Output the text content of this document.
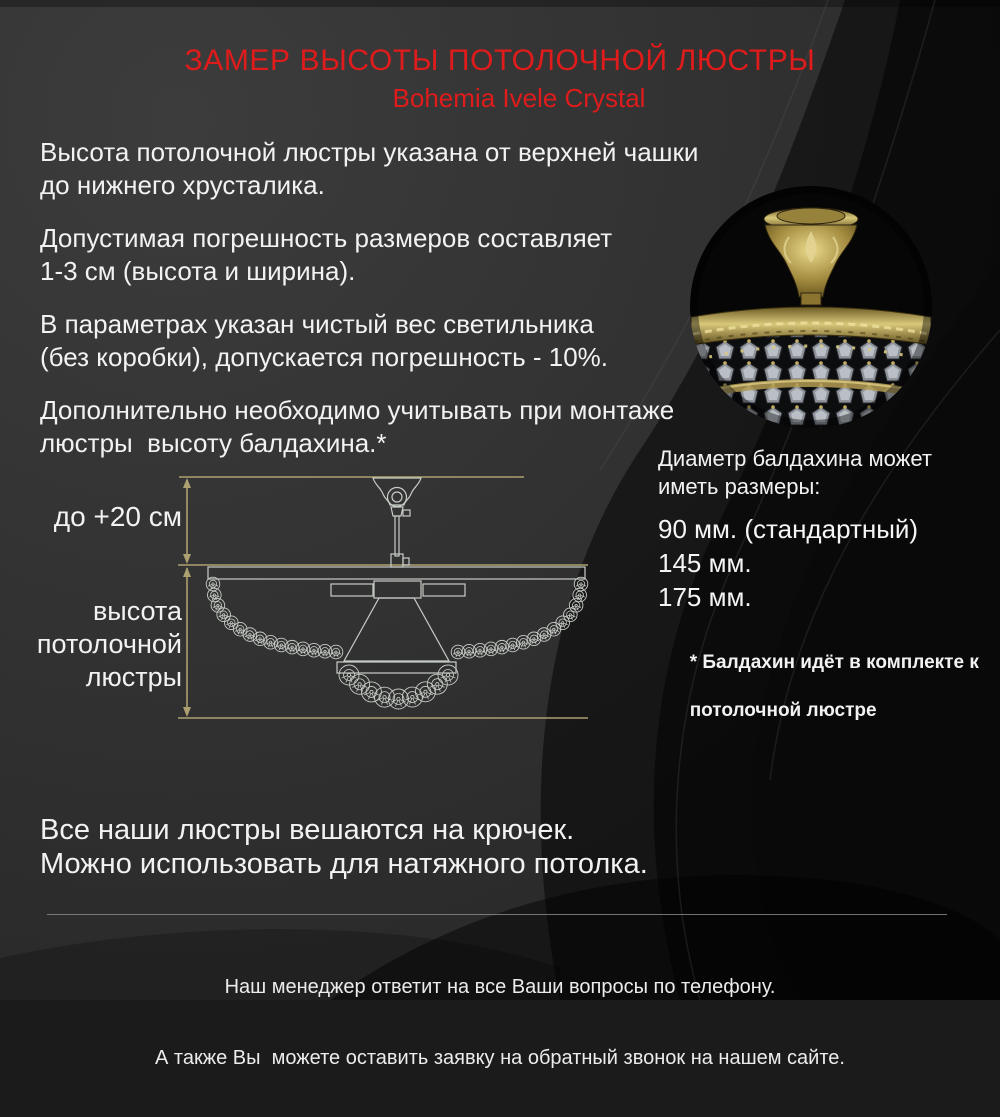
ЗАМЕР ВЫСОТЫ ПОТОЛОЧНОЙ ЛЮСТРЫ
Bohemia Ivele Crystal

Высота потолочной люстры указана от верхней чашки
до нижнего хрусталика.

Допустимая погрешность размеров составляет
1-3 см (высота и ширина).

В параметрах указан чистый вес светильника
(без коробки), допускается погрешность - 10%.

Дополнительно необходимо учитывать при монтаже
люстры  высоту балдахина.*

до +20 см
высота
потолочной
люстры
Диаметр балдахина может
иметь размеры:
90 мм. (стандартный)
145 мм.
175 мм.

* Балдахин идёт в комплекте к

потолочной люстре

Все наши люстры вешаются на крючек.
Можно использовать для натяжного потолка.

Наш менеджер ответит на все Ваши вопросы по телефону.

А также Вы  можете оставить заявку на обратный звонок на нашем сайте.
